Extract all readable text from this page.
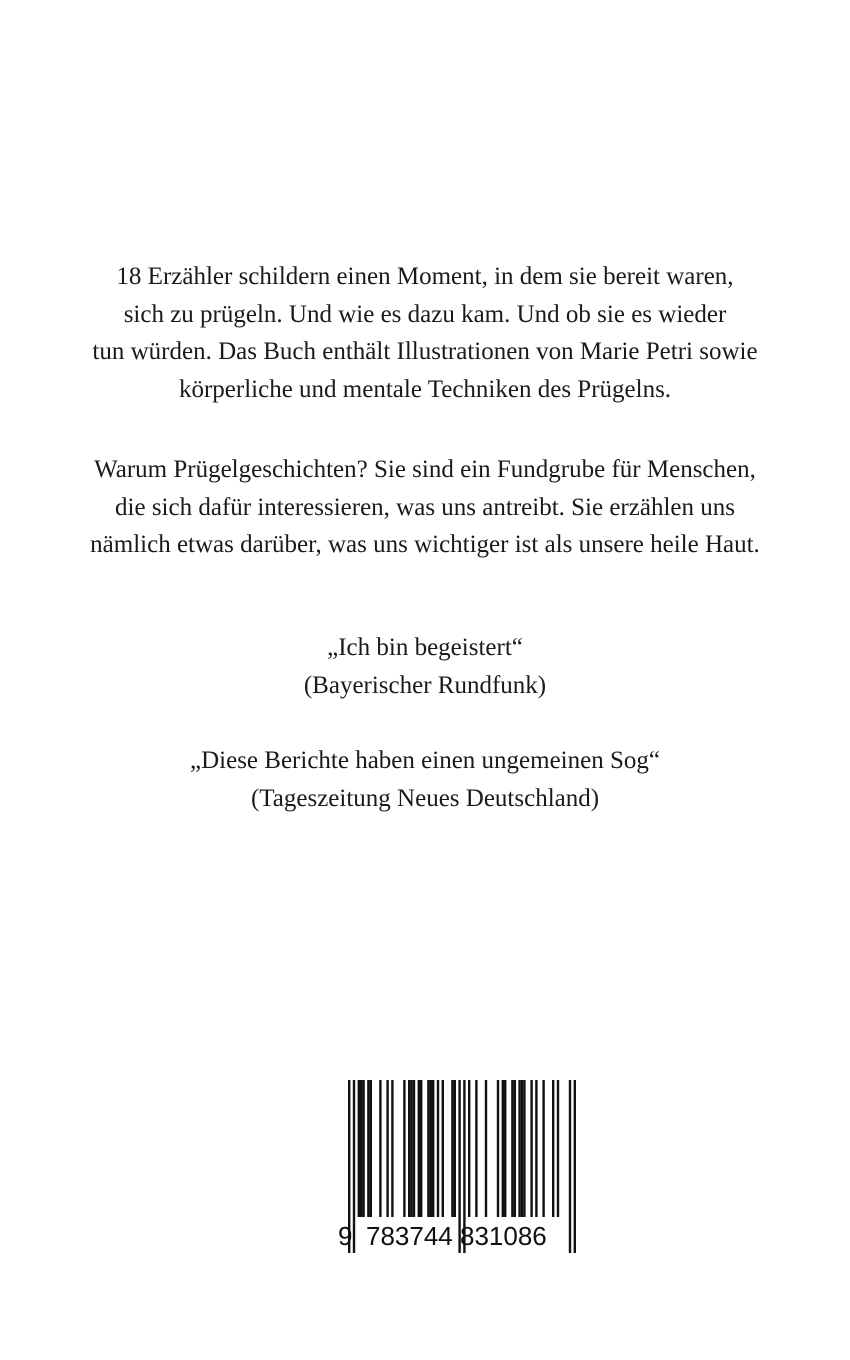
18 Erzähler schildern einen Moment, in dem sie bereit waren,
sich zu prügeln. Und wie es dazu kam. Und ob sie es wieder
tun würden. Das Buch enthält Illustrationen von Marie Petri sowie
körperliche und mentale Techniken des Prügelns.

Warum Prügelgeschichten? Sie sind ein Fundgrube für Menschen,
die sich dafür interessieren, was uns antreibt. Sie erzählen uns
nämlich etwas darüber, was uns wichtiger ist als unsere heile Haut.

„Ich bin begeistert“
(Bayerischer Rundfunk)
„Diese Berichte haben einen ungemeinen Sog“
(Tageszeitung Neues Deutschland)
9 783744 831086
